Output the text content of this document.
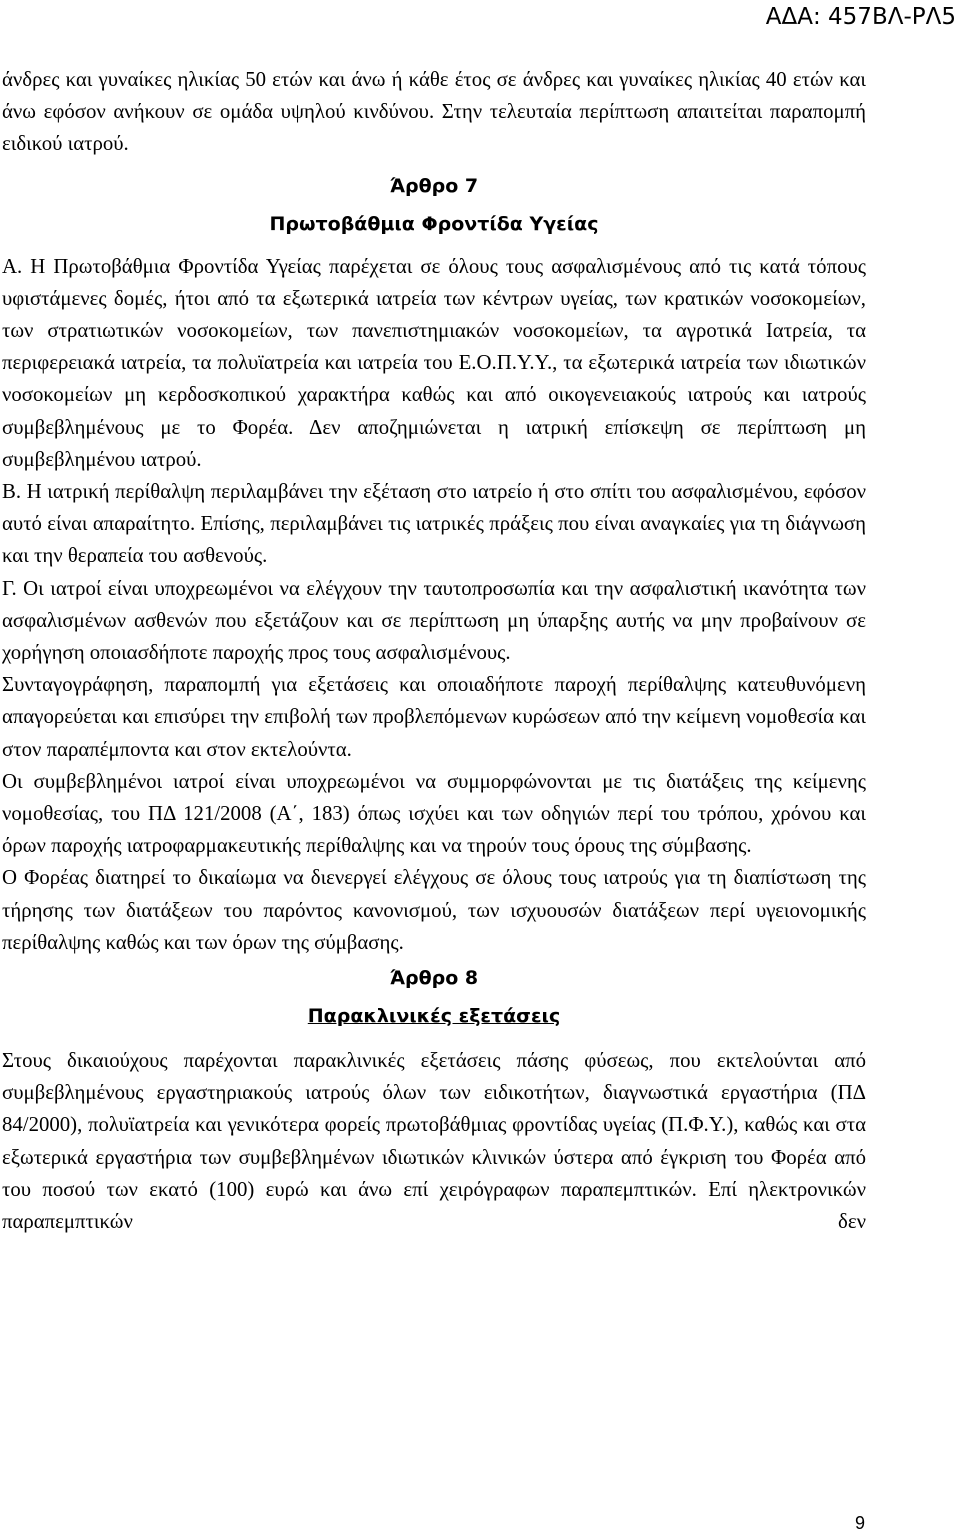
ΑΔΑ: 457ΒΛ-ΡΛ5

άνδρες και γυναίκες ηλικίας 50 ετών και άνω ή κάθε έτος σε άνδρες και γυναίκες ηλικίας 40 ετών και άνω εφόσον ανήκουν σε ομάδα υψηλού κινδύνου. Στην τελευταία περίπτωση απαιτείται παραπομπή ειδικού ιατρού.

Άρθρο 7

Πρωτοβάθμια Φροντίδα Υγείας

Α. Η Πρωτοβάθμια Φροντίδα Υγείας παρέχεται σε όλους τους ασφαλισμένους από τις κατά τόπους υφιστάμενες δομές, ήτοι από τα εξωτερικά ιατρεία των κέντρων υγείας, των κρατικών νοσοκομείων, των στρατιωτικών νοσοκομείων, των πανεπιστημιακών νοσοκομείων, τα αγροτικά Ιατρεία, τα περιφερειακά ιατρεία, τα πολυϊατρεία και ιατρεία του Ε.Ο.Π.Υ.Υ., τα εξωτερικά ιατρεία των ιδιωτικών νοσοκομείων μη κερδοσκοπικού χαρακτήρα καθώς και από οικογενειακούς ιατρούς και ιατρούς συμβεβλημένους με το Φορέα. Δεν αποζημιώνεται η ιατρική επίσκεψη σε περίπτωση μη συμβεβλημένου ιατρού.

Β. Η ιατρική περίθαλψη περιλαμβάνει την εξέταση στο ιατρείο ή στο σπίτι του ασφαλισμένου, εφόσον αυτό είναι απαραίτητο. Επίσης, περιλαμβάνει τις ιατρικές πράξεις που είναι αναγκαίες για τη διάγνωση και την θεραπεία του ασθενούς.

Γ. Οι ιατροί είναι υποχρεωμένοι να ελέγχουν την ταυτοπροσωπία και την ασφαλιστική ικανότητα των ασφαλισμένων ασθενών που εξετάζουν και σε περίπτωση μη ύπαρξης αυτής να μην προβαίνουν σε χορήγηση οποιασδήποτε παροχής προς τους ασφαλισμένους.

Συνταγογράφηση, παραπομπή για εξετάσεις και οποιαδήποτε παροχή περίθαλψης κατευθυνόμενη απαγορεύεται και επισύρει την επιβολή των προβλεπόμενων κυρώσεων από την κείμενη νομοθεσία και στον παραπέμποντα και στον εκτελούντα.

Οι συμβεβλημένοι ιατροί είναι υποχρεωμένοι να συμμορφώνονται με τις διατάξεις της κείμενης νομοθεσίας, του ΠΔ 121/2008 (Α΄, 183) όπως ισχύει και των οδηγιών περί του τρόπου, χρόνου και όρων παροχής ιατροφαρμακευτικής περίθαλψης και να τηρούν τους όρους της σύμβασης.

Ο Φορέας διατηρεί το δικαίωμα να διενεργεί ελέγχους σε όλους τους ιατρούς για τη διαπίστωση της τήρησης των διατάξεων του παρόντος κανονισμού, των ισχυουσών διατάξεων περί υγειονομικής περίθαλψης καθώς και των όρων της σύμβασης.

Άρθρο 8

Παρακλινικές εξετάσεις

Στους δικαιούχους παρέχονται παρακλινικές εξετάσεις πάσης φύσεως, που εκτελούνται από συμβεβλημένους εργαστηριακούς ιατρούς όλων των ειδικοτήτων, διαγνωστικά εργαστήρια (ΠΔ 84/2000), πολυϊατρεία και γενικότερα φορείς πρωτοβάθμιας φροντίδας υγείας (Π.Φ.Υ.), καθώς και στα εξωτερικά εργαστήρια των συμβεβλημένων ιδιωτικών κλινικών ύστερα από έγκριση του Φορέα από του ποσού των εκατό (100) ευρώ και άνω επί χειρόγραφων παραπεμπτικών. Επί ηλεκτρονικών παραπεμπτικών δεν

9
